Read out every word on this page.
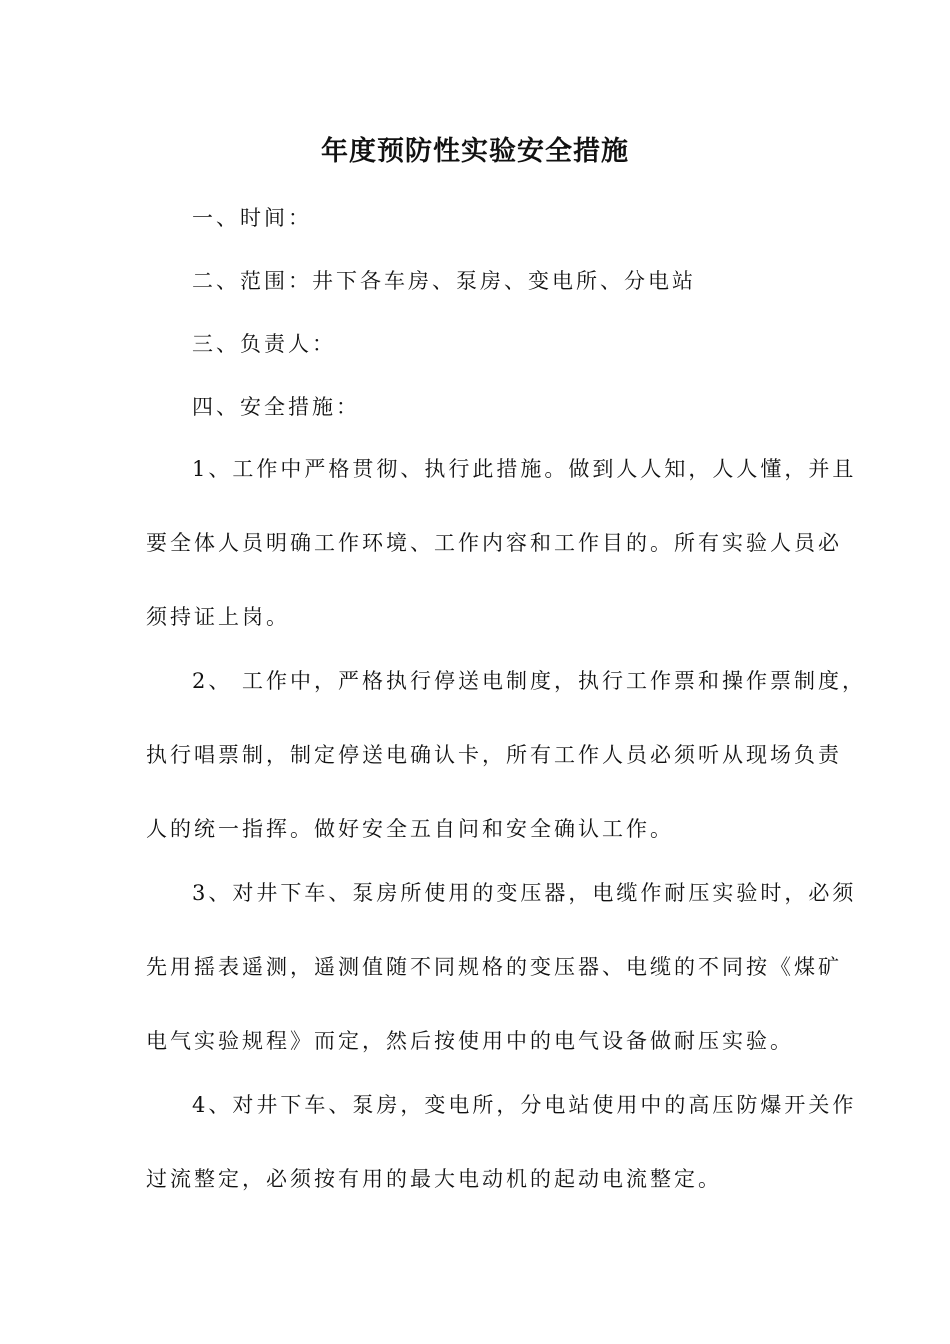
年度预防性实验安全措施
一、时间：
二、范围：井下各车房、泵房、变电所、分电站
三、负责人：
四、安全措施：
1、工作中严格贯彻、执行此措施。做到人人知，人人懂，并且
要全体人员明确工作环境、工作内容和工作目的。所有实验人员必
须持证上岗。
2、 工作中，严格执行停送电制度，执行工作票和操作票制度，
执行唱票制，制定停送电确认卡，所有工作人员必须听从现场负责
人的统一指挥。做好安全五自问和安全确认工作。
3、对井下车、泵房所使用的变压器，电缆作耐压实验时，必须
先用摇表遥测，遥测值随不同规格的变压器、电缆的不同按《煤矿
电气实验规程》而定，然后按使用中的电气设备做耐压实验。
4、对井下车、泵房，变电所，分电站使用中的高压防爆开关作
过流整定，必须按有用的最大电动机的起动电流整定。
